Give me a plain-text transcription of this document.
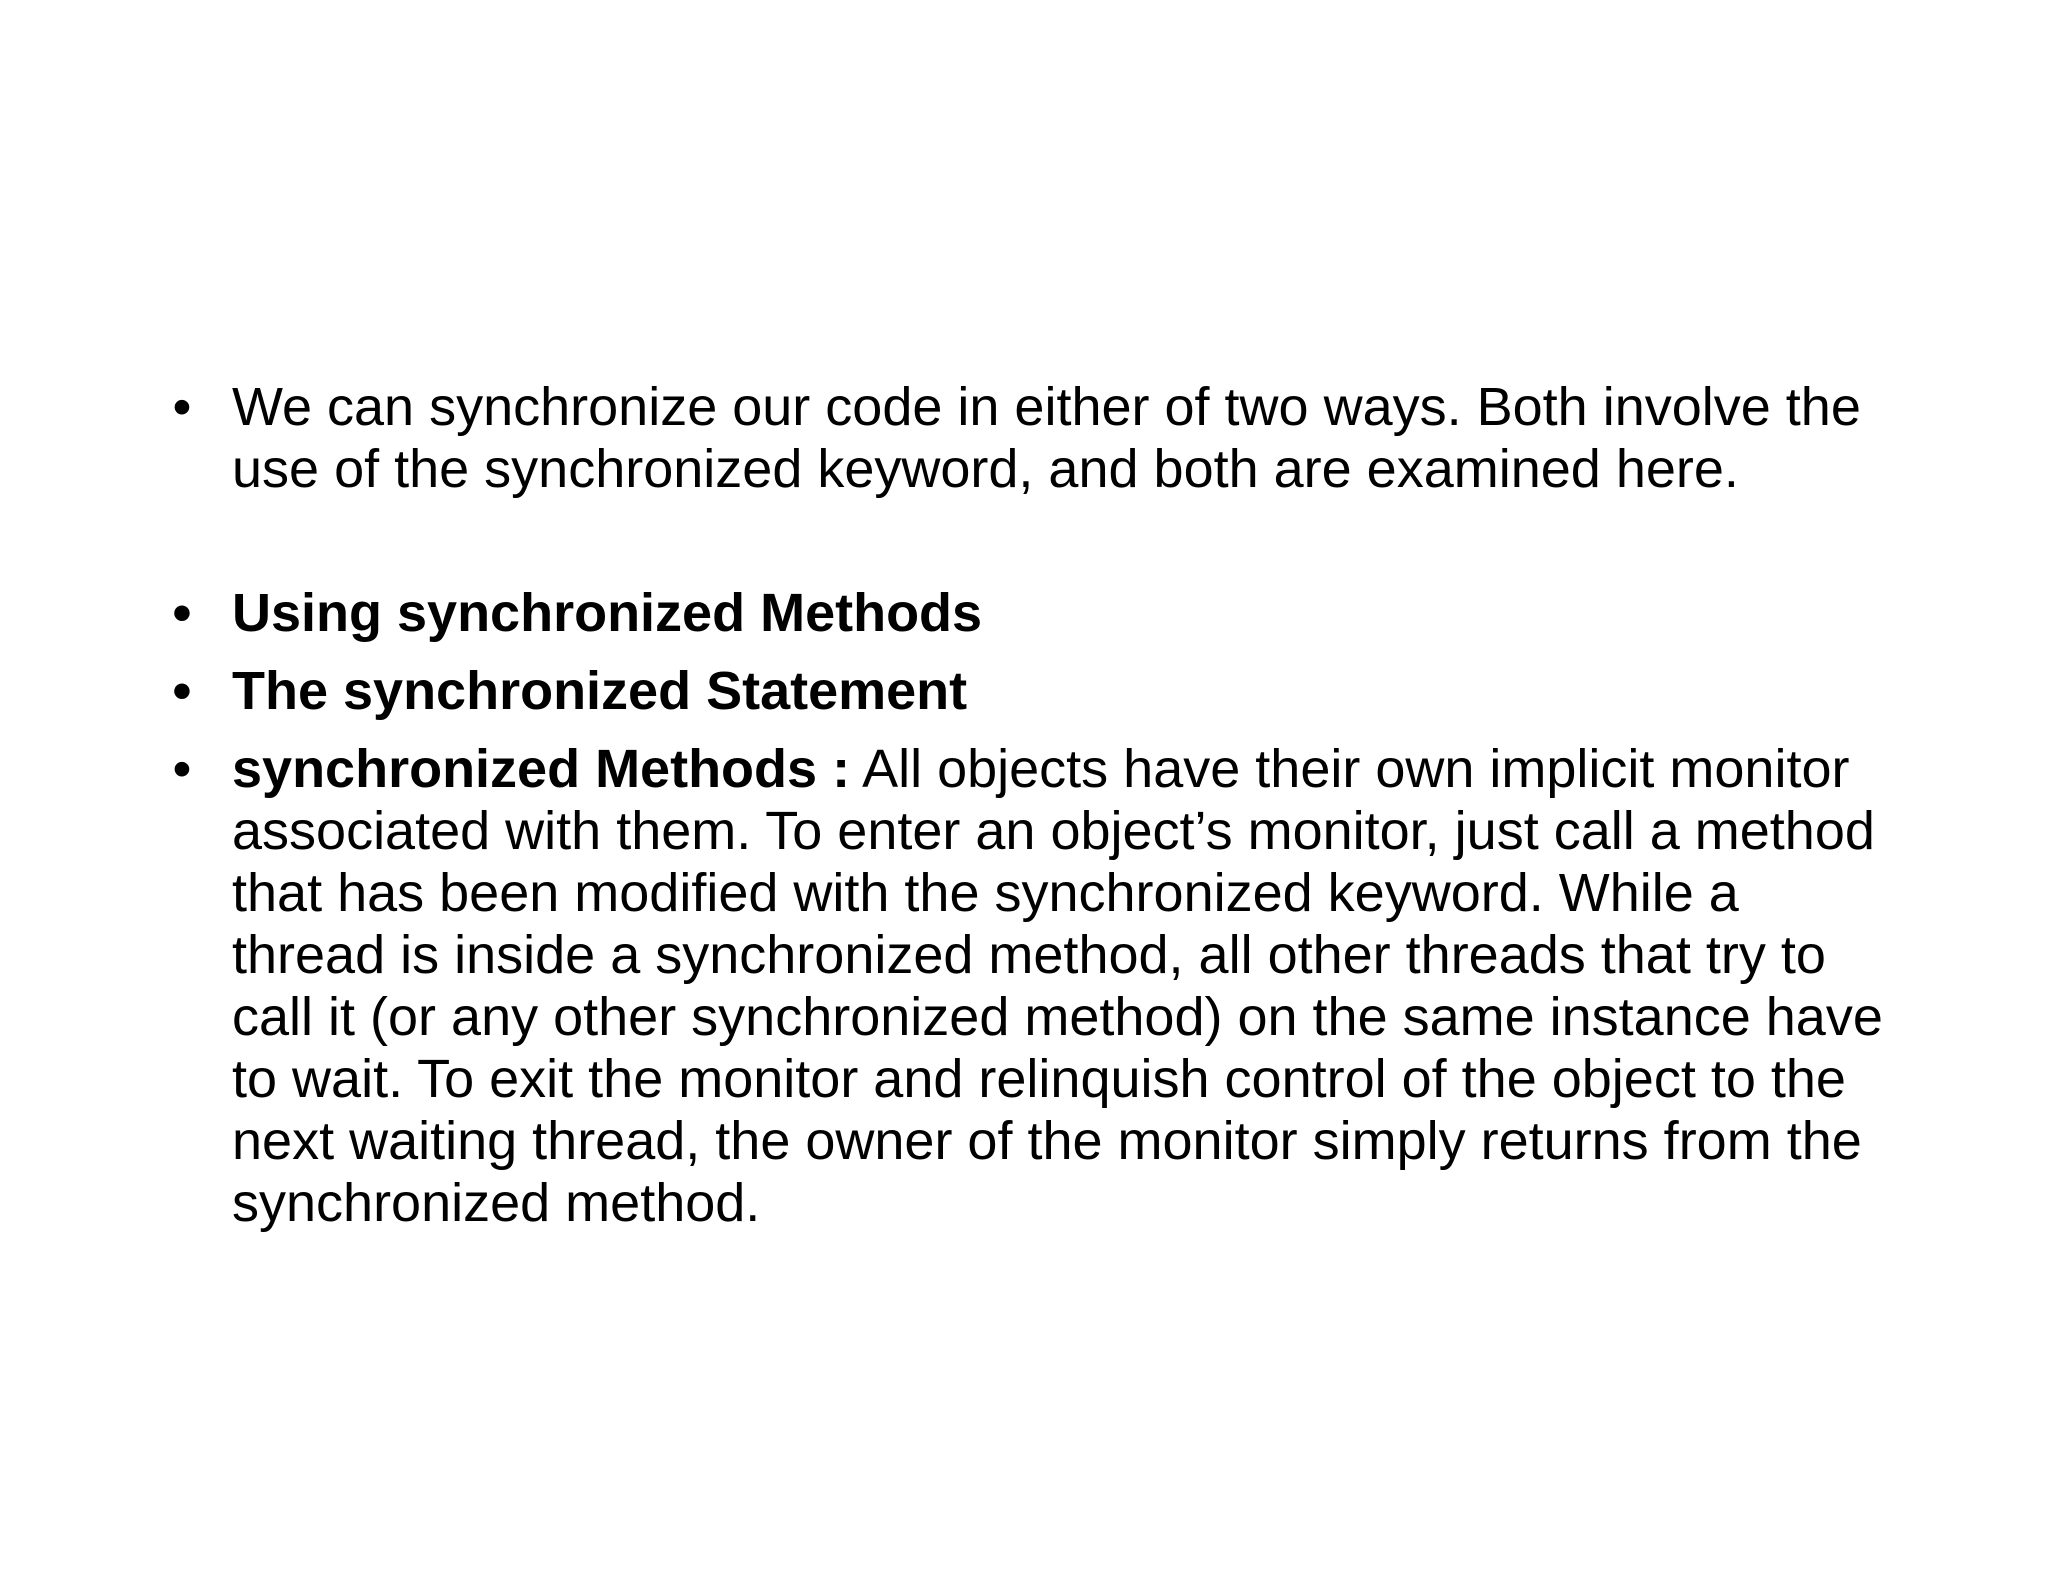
• We can synchronize our code in either of two ways. Both involve the use of the synchronized keyword, and both are examined here.
• Using synchronized Methods
• The synchronized Statement
• synchronized Methods : All objects have their own implicit monitor associated with them. To enter an object’s monitor, just call a method that has been modified with the synchronized keyword. While a thread is inside a synchronized method, all other threads that try to call it (or any other synchronized method) on the same instance have to wait. To exit the monitor and relinquish control of the object to the next waiting thread, the owner of the monitor simply returns from the synchronized method.
